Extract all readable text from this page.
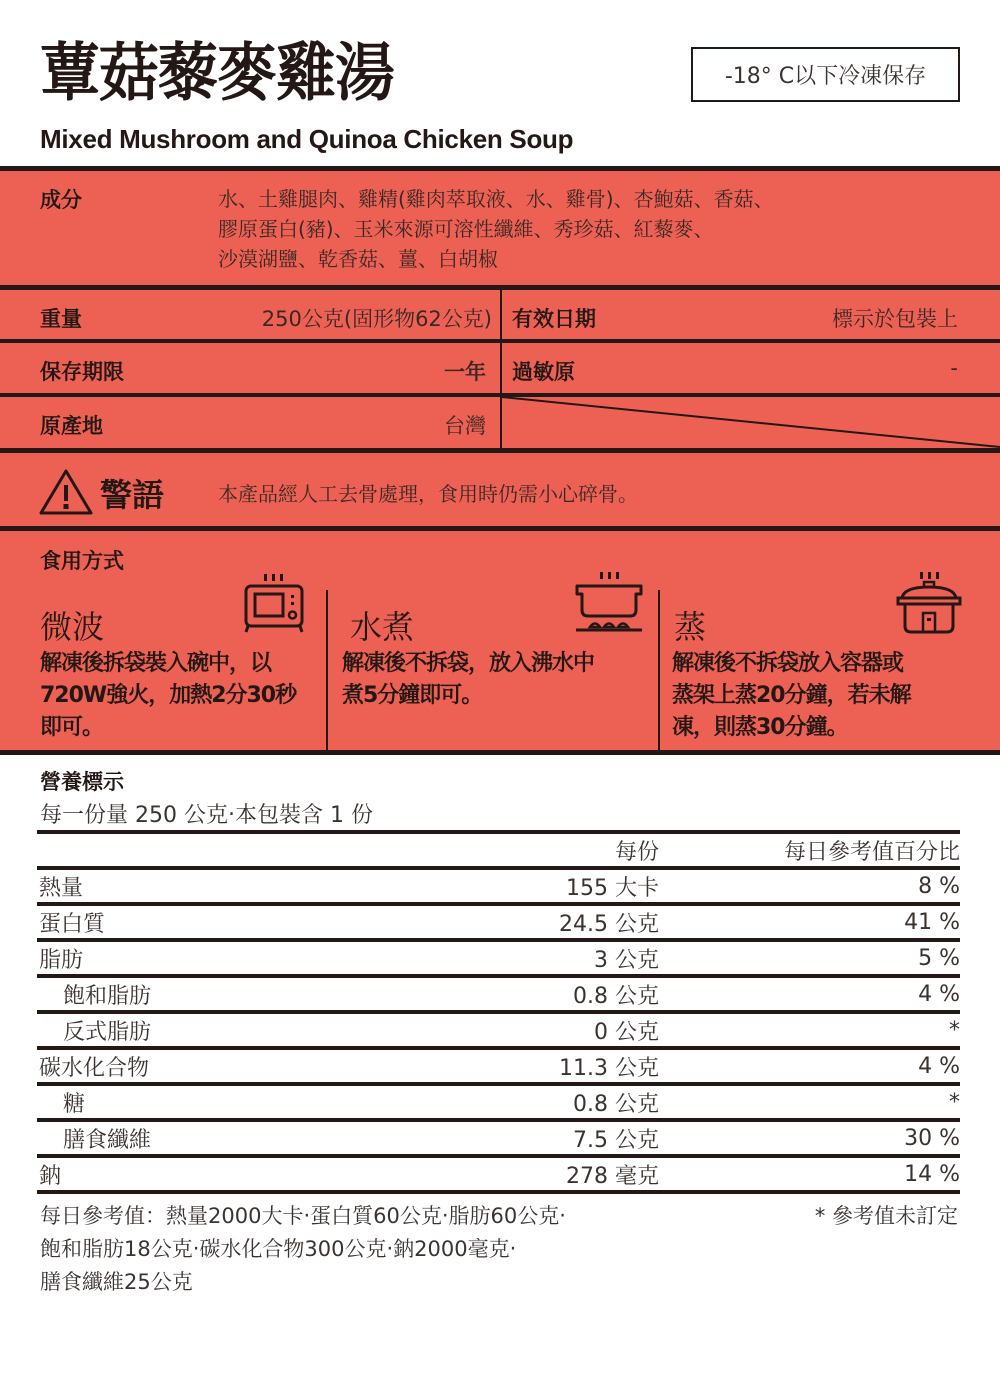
蕈菇藜麥雞湯
Mixed Mushroom and Quinoa Chicken Soup
-18° C以下冷凍保存
成分	水、土雞腿肉、雞精(雞肉萃取液、水、雞骨)、杏鮑菇、香菇、
膠原蛋白(豬)、玉米來源可溶性纖維、秀珍菇、紅藜麥、
沙漠湖鹽、乾香菇、薑、白胡椒
重量	250公克(固形物62公克) 有效日期	標示於包裝上
保存期限	一年 過敏原	-
原產地	台灣
警語	本產品經人工去骨處理，食用時仍需小心碎骨。
食用方式
微波
解凍後拆袋裝入碗中，以
720W強火，加熱2分30秒
即可。
水煮
解凍後不拆袋，放入沸水中
煮5分鐘即可。
蒸
解凍後不拆袋放入容器或
蒸架上蒸20分鐘，若未解
凍，則蒸30分鐘。
營養標示
每一份量 250 公克‧本包裝含 1 份
每份	每日參考值百分比
熱量	155 大卡	8 %
蛋白質	24.5 公克	41 %
脂肪	3 公克	5 %
飽和脂肪	0.8 公克	4 %
反式脂肪	0 公克	*
碳水化合物	11.3 公克	4 %
糖	0.8 公克	*
膳食纖維	7.5 公克	30 %
鈉	278 毫克	14 %
每日參考值：熱量2000大卡‧蛋白質60公克‧脂肪60公克‧
飽和脂肪18公克‧碳水化合物300公克‧鈉2000毫克‧
膳食纖維25公克
* 參考值未訂定
